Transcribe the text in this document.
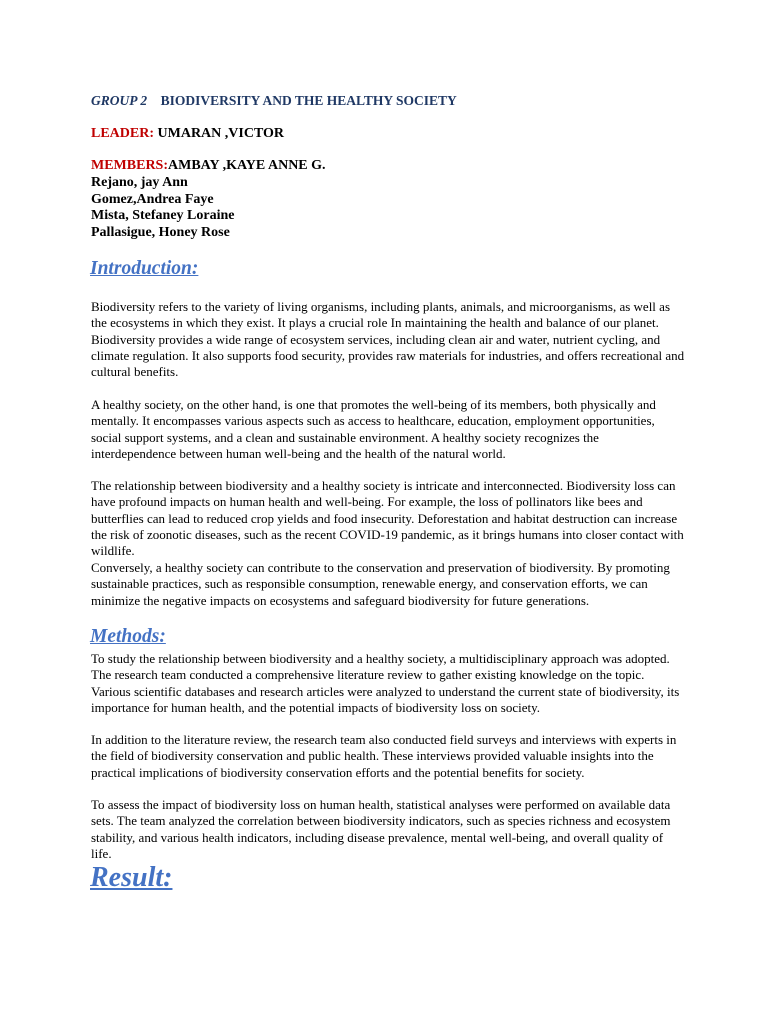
GROUP 2 BIODIVERSITY AND THE HEALTHY SOCIETY
LEADER: UMARAN ,VICTOR
MEMBERS:AMBAY ,KAYE ANNE G.
Rejano, jay Ann
Gomez,Andrea Faye
Mista, Stefaney Loraine
Pallasigue, Honey Rose
Introduction:
Biodiversity refers to the variety of living organisms, including plants, animals, and microorganisms, as well as the ecosystems in which they exist. It plays a crucial role In maintaining the health and balance of our planet. Biodiversity provides a wide range of ecosystem services, including clean air and water, nutrient cycling, and climate regulation. It also supports food security, provides raw materials for industries, and offers recreational and cultural benefits.
A healthy society, on the other hand, is one that promotes the well-being of its members, both physically and mentally. It encompasses various aspects such as access to healthcare, education, employment opportunities, social support systems, and a clean and sustainable environment. A healthy society recognizes the interdependence between human well-being and the health of the natural world.
The relationship between biodiversity and a healthy society is intricate and interconnected. Biodiversity loss can have profound impacts on human health and well-being. For example, the loss of pollinators like bees and butterflies can lead to reduced crop yields and food insecurity. Deforestation and habitat destruction can increase the risk of zoonotic diseases, such as the recent COVID-19 pandemic, as it brings humans into closer contact with wildlife.
Conversely, a healthy society can contribute to the conservation and preservation of biodiversity. By promoting sustainable practices, such as responsible consumption, renewable energy, and conservation efforts, we can minimize the negative impacts on ecosystems and safeguard biodiversity for future generations.
Methods:
To study the relationship between biodiversity and a healthy society, a multidisciplinary approach was adopted. The research team conducted a comprehensive literature review to gather existing knowledge on the topic. Various scientific databases and research articles were analyzed to understand the current state of biodiversity, its importance for human health, and the potential impacts of biodiversity loss on society.
In addition to the literature review, the research team also conducted field surveys and interviews with experts in the field of biodiversity conservation and public health. These interviews provided valuable insights into the practical implications of biodiversity conservation efforts and the potential benefits for society.
To assess the impact of biodiversity loss on human health, statistical analyses were performed on available data sets. The team analyzed the correlation between biodiversity indicators, such as species richness and ecosystem stability, and various health indicators, including disease prevalence, mental well-being, and overall quality of life.
Result:
